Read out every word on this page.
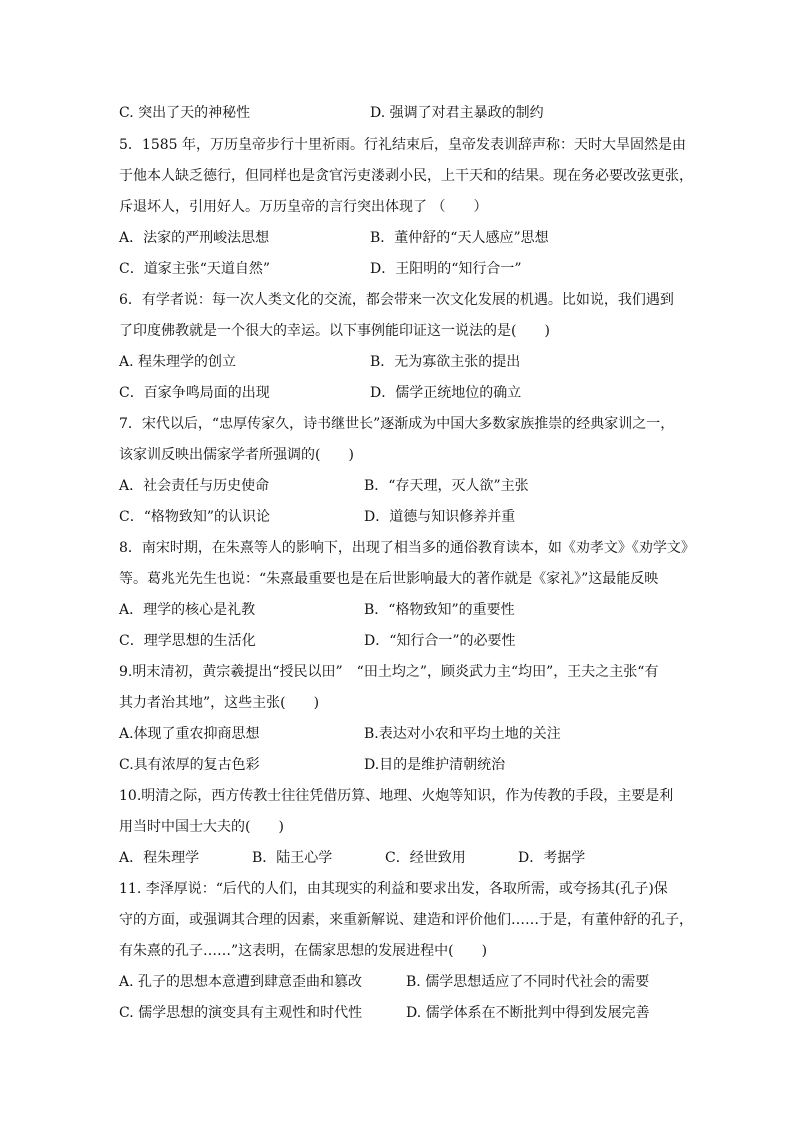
C. 突出了天的神秘性	D. 强调了对君主暴政的制约
5．1585 年，万历皇帝步行十里祈雨。行礼结束后，皇帝发表训辞声称：天时大旱固然是由
于他本人缺乏德行，但同样也是贪官污吏溇剥小民，上干天和的结果。现在务必要改弦更张，
斥退坏人，引用好人。万历皇帝的言行突出体现了 （　　）
A．法家的严刑峻法思想	B．董仲舒的“天人感应”思想
C．道家主张“天道自然”	D．王阳明的“知行合一”
6．有学者说：每一次人类文化的交流，都会带来一次文化发展的机遇。比如说，我们遇到
了印度佛教就是一个很大的幸运。以下事例能印证这一说法的是(　　)
A. 程朱理学的创立	B．无为寡欲主张的提出
C．百家争鸣局面的出现	D．儒学正统地位的确立
7．宋代以后，“忠厚传家久，诗书继世长”逐渐成为中国大多数家族推崇的经典家训之一，
该家训反映出儒家学者所强调的(　　)
A．社会责任与历史使命	B．“存天理，灭人欲”主张
C．“格物致知”的认识论	D．道德与知识修养并重
8．南宋时期，在朱熹等人的影响下，出现了相当多的通俗教育读本，如《劝孝文》《劝学文》
等。葛兆光先生也说：“朱熹最重要也是在后世影响最大的著作就是《家礼》”这最能反映
A．理学的核心是礼教	B．“格物致知”的重要性
C．理学思想的生活化	D．“知行合一”的必要性
9.明末清初，黄宗羲提出“授民以田”　“田土均之”，顾炎武力主“均田”，王夫之主张“有
其力者治其地”，这些主张(　　)
A.体现了重农抑商思想	B.表达对小农和平均土地的关注
C.具有浓厚的复古色彩	D.目的是维护清朝统治
10.明清之际，西方传教士往往凭借历算、地理、火炮等知识，作为传教的手段，主要是利
用当时中国士大夫的(　　)
A．程朱理学	B．陆王心学	C．经世致用	D．考据学
11. 李泽厚说：“后代的人们，由其现实的利益和要求出发，各取所需，或夸扬其(孔子)保
守的方面，或强调其合理的因素，来重新解说、建造和评价他们……于是，有董仲舒的孔子，
有朱熹的孔子……”这表明，在儒家思想的发展进程中(　　)
A. 孔子的思想本意遭到肆意歪曲和篡改	B. 儒学思想适应了不同时代社会的需要
C. 儒学思想的演变具有主观性和时代性	D. 儒学体系在不断批判中得到发展完善
